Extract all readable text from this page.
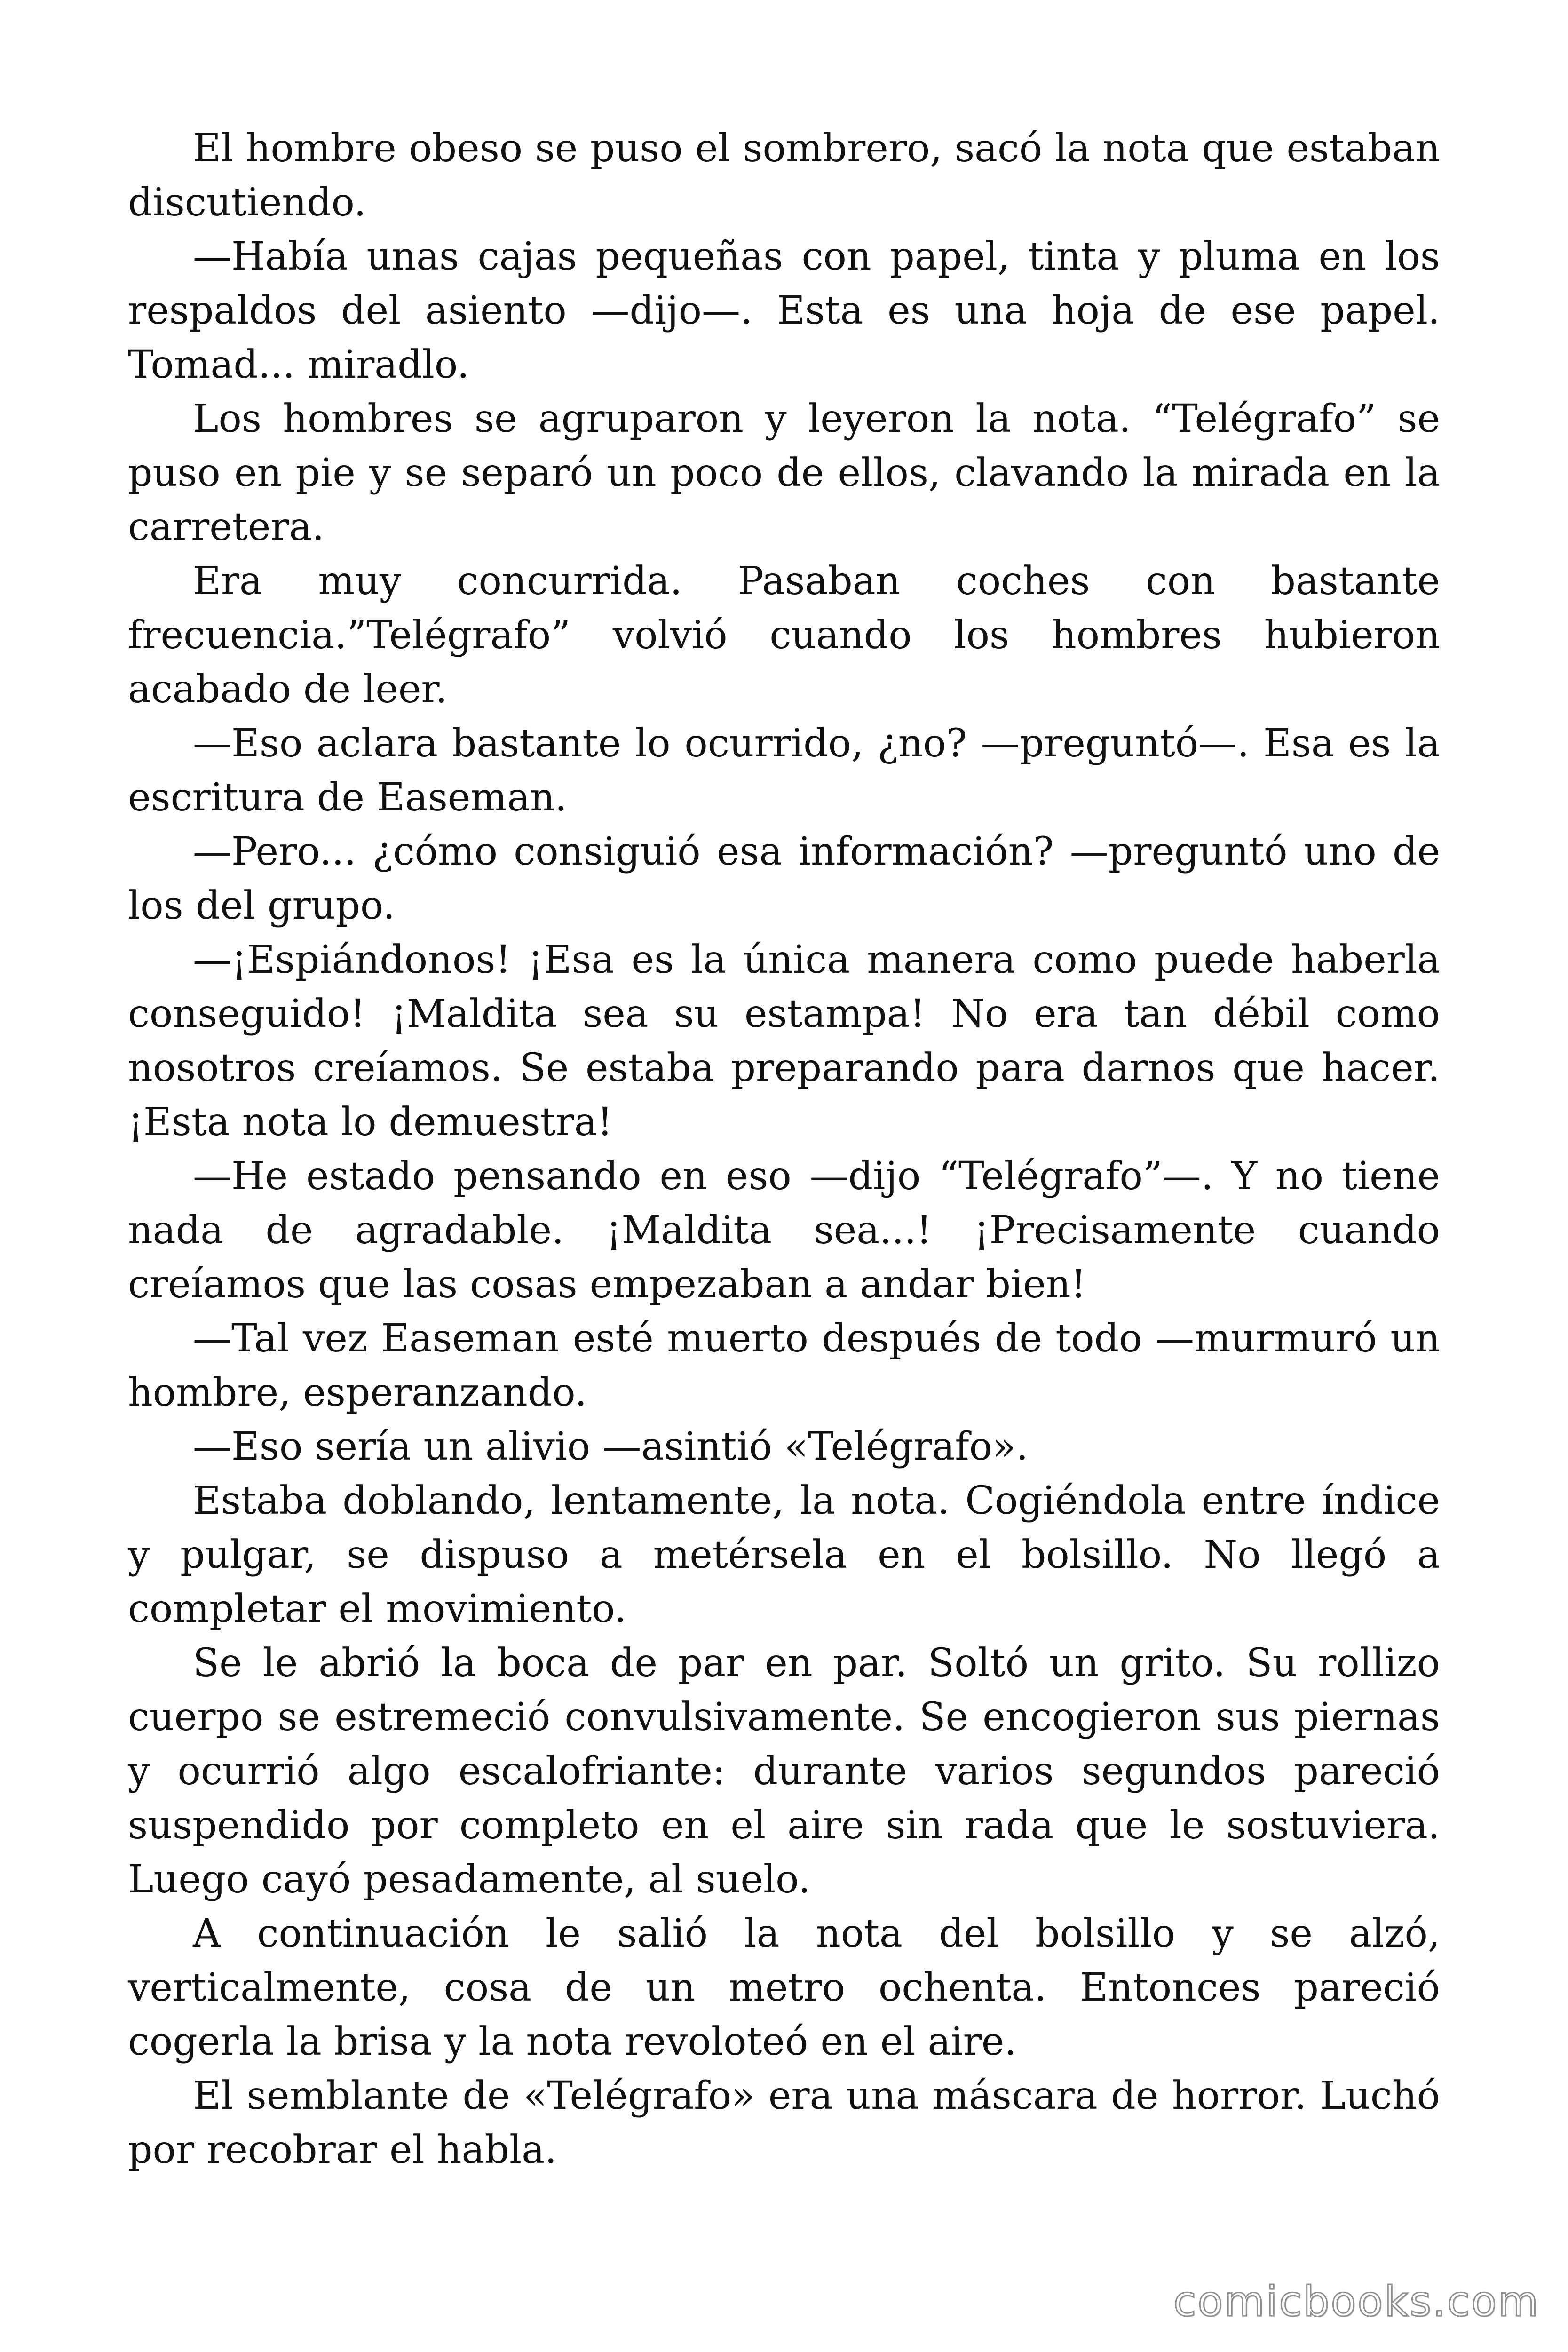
El hombre obeso se puso el sombrero, sacó la nota que estaban discutiendo.

—Había unas cajas pequeñas con papel, tinta y pluma en los respaldos del asiento —dijo—. Esta es una hoja de ese papel. Tomad... miradlo.

Los hombres se agruparon y leyeron la nota. “Telégrafo” se puso en pie y se separó un poco de ellos, clavando la mirada en la carretera.

Era muy concurrida. Pasaban coches con bastante frecuencia.”Telégrafo” volvió cuando los hombres hubieron acabado de leer.

—Eso aclara bastante lo ocurrido, ¿no? —preguntó—. Esa es la escritura de Easeman.

—Pero... ¿cómo consiguió esa información? —preguntó uno de los del grupo.

—¡Espiándonos! ¡Esa es la única manera como puede haberla conseguido! ¡Maldita sea su estampa! No era tan débil como nosotros creíamos. Se estaba preparando para darnos que hacer. ¡Esta nota lo demuestra!

—He estado pensando en eso —dijo “Telégrafo”—. Y no tiene nada de agradable. ¡Maldita sea...! ¡Precisamente cuando creíamos que las cosas empezaban a andar bien!

—Tal vez Easeman esté muerto después de todo —murmuró un hombre, esperanzando.

—Eso sería un alivio —asintió «Telégrafo».

Estaba doblando, lentamente, la nota. Cogiéndola entre índice y pulgar, se dispuso a metérsela en el bolsillo. No llegó a completar el movimiento.

Se le abrió la boca de par en par. Soltó un grito. Su rollizo cuerpo se estremeció convulsivamente. Se encogieron sus piernas y ocurrió algo escalofriante: durante varios segundos pareció suspendido por completo en el aire sin rada que le sostuviera. Luego cayó pesadamente, al suelo.

A continuación le salió la nota del bolsillo y se alzó, verticalmente, cosa de un metro ochenta. Entonces pareció cogerla la brisa y la nota revoloteó en el aire.

El semblante de «Telégrafo» era una máscara de horror. Luchó por recobrar el habla.

comicbooks.com
